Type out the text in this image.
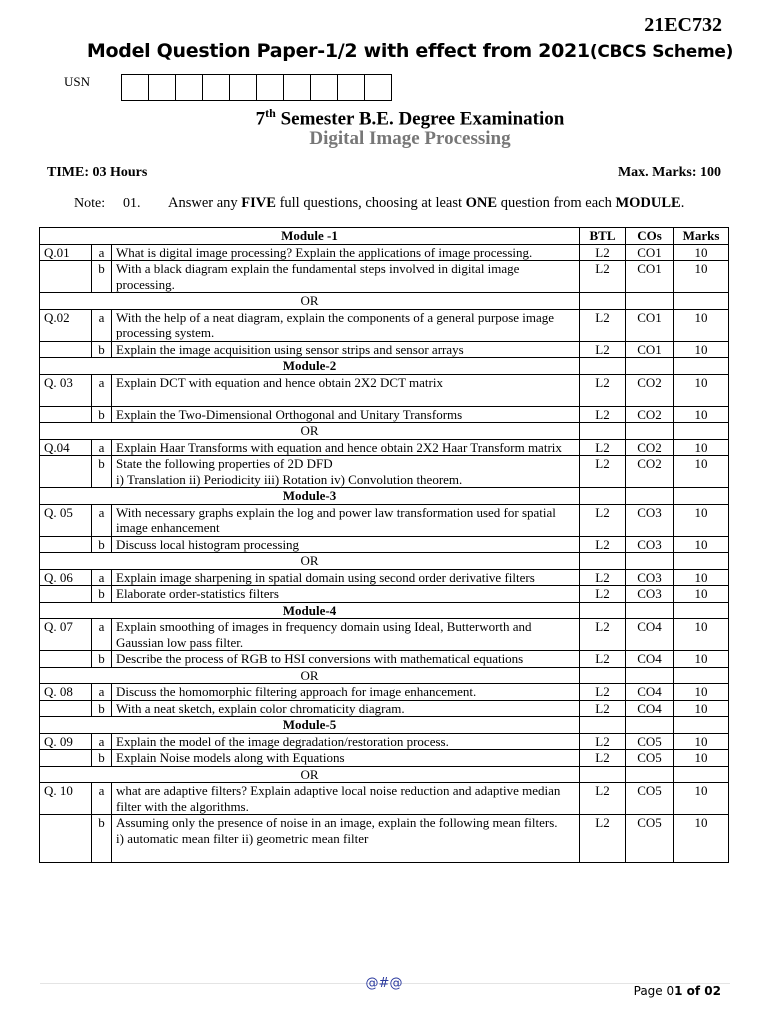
21EC732
Model Question Paper-1/2 with effect from 2021(CBCS Scheme)
USN
7th Semester B.E. Degree Examination
Digital Image Processing
TIME: 03 Hours	Max. Marks: 100
Note: 01. Answer any FIVE full questions, choosing at least ONE question from each MODULE.
Module -1			BTL	COs	Marks
Q.01	a	What is digital image processing? Explain the applications of image processing.	L2	CO1	10
	b	With a black diagram explain the fundamental steps involved in digital image processing.	L2	CO1	10
OR					
Q.02	a	With the help of a neat diagram, explain the components of a general purpose image processing system.	L2	CO1	10
	b	Explain the image acquisition using sensor strips and sensor arrays	L2	CO1	10
Module-2					
Q. 03	a	Explain DCT with equation and hence obtain 2X2 DCT matrix	L2	CO2	10
	b	Explain the Two-Dimensional Orthogonal and Unitary Transforms	L2	CO2	10
OR					
Q.04	a	Explain Haar Transforms with equation and hence obtain 2X2 Haar Transform matrix	L2	CO2	10
	b	State the following properties of 2D DFD
i) Translation ii) Periodicity iii) Rotation iv) Convolution theorem.	L2	CO2	10
Module-3					
Q. 05	a	With necessary graphs explain the log and power law transformation used for spatial image enhancement	L2	CO3	10
	b	Discuss local histogram processing	L2	CO3	10
OR					
Q. 06	a	Explain image sharpening in spatial domain using second order derivative filters	L2	CO3	10
	b	Elaborate order-statistics filters	L2	CO3	10
Module-4					
Q. 07	a	Explain smoothing of images in frequency domain using Ideal, Butterworth and Gaussian low pass filter.	L2	CO4	10
	b	Describe the process of RGB to HSI conversions with mathematical equations	L2	CO4	10
OR					
Q. 08	a	Discuss the homomorphic filtering approach for image enhancement.	L2	CO4	10
	b	With a neat sketch, explain color chromaticity diagram.	L2	CO4	10
Module-5					
Q. 09	a	Explain the model of the image degradation/restoration process.	L2	CO5	10
	b	Explain Noise models along with Equations	L2	CO5	10
OR					
Q. 10	a	what are adaptive filters? Explain adaptive local noise reduction and adaptive median filter with the algorithms.	L2	CO5	10
	b	Assuming only the presence of noise in an image, explain the following mean filters.
i) automatic mean filter ii) geometric mean filter	L2	CO5	10
@#@	Page 01 of 02
